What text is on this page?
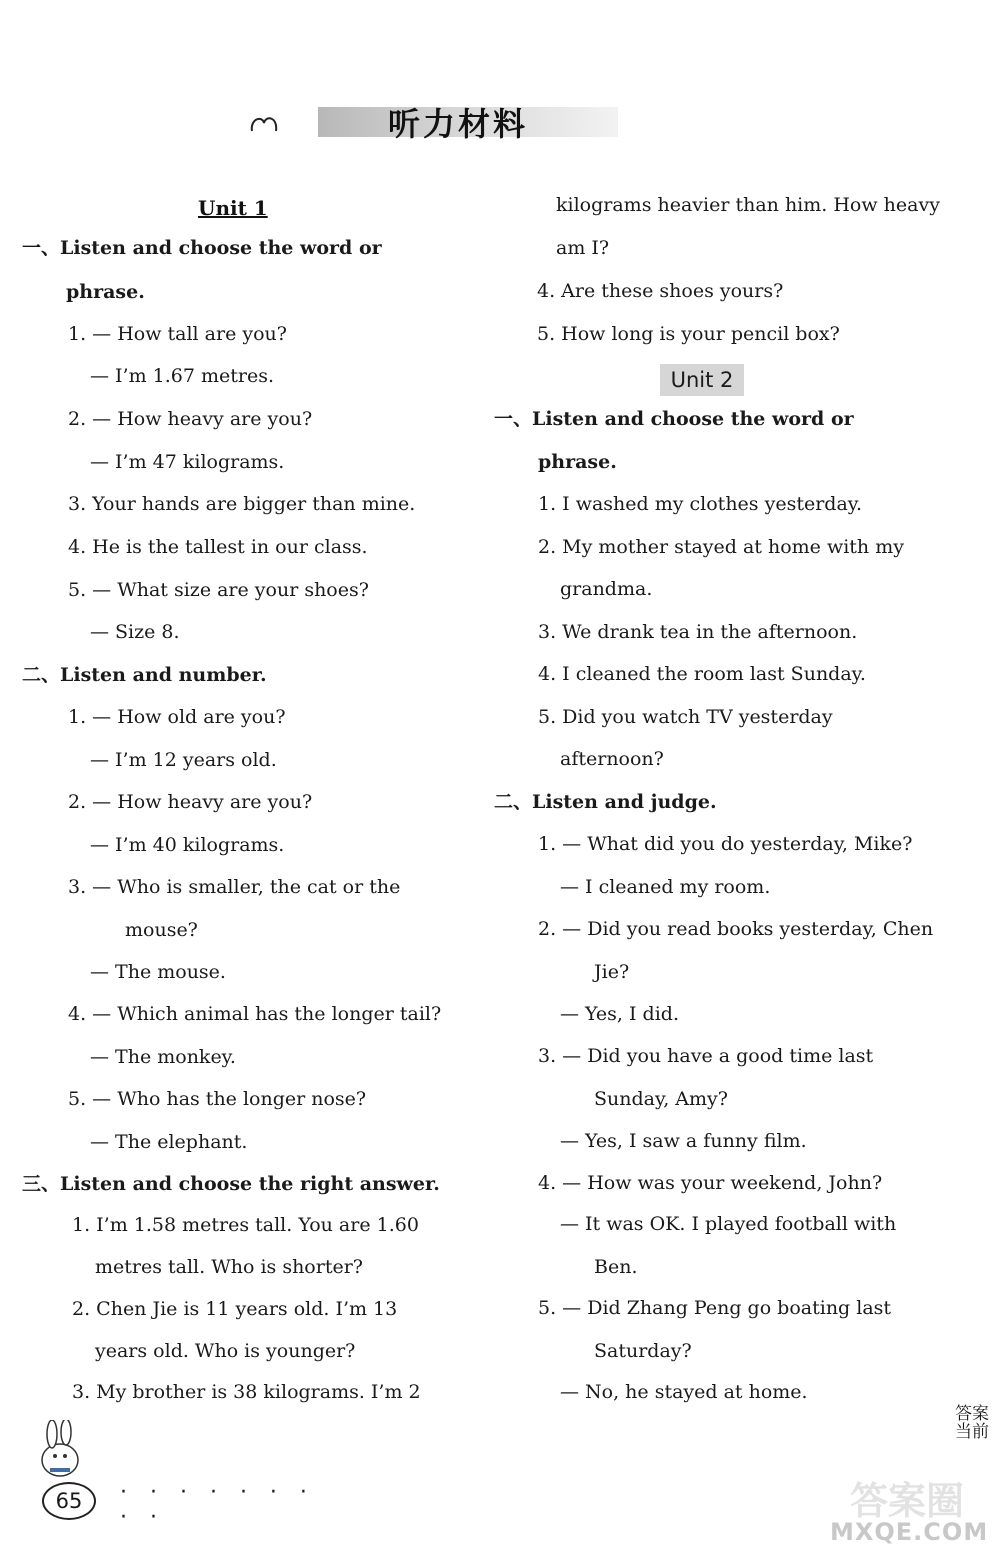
听力材料
Unit 1
Unit 2
一、Listen and choose the word or
phrase.
1. — How tall are you?
— I’m 1.67 metres.
2. — How heavy are you?
— I’m 47 kilograms.
3. Your hands are bigger than mine.
4. He is the tallest in our class.
5. — What size are your shoes?
— Size 8.
二、Listen and number.
1. — How old are you?
— I’m 12 years old.
2. — How heavy are you?
— I’m 40 kilograms.
3. — Who is smaller, the cat or the
mouse?
— The mouse.
4. — Which animal has the longer tail?
— The monkey.
5. — Who has the longer nose?
— The elephant.
三、Listen and choose the right answer.
1. I’m 1.58 metres tall. You are 1.60
metres tall. Who is shorter?
2. Chen Jie is 11 years old. I’m 13
years old. Who is younger?
3. My brother is 38 kilograms. I’m 2
kilograms heavier than him. How heavy
am I?
4. Are these shoes yours?
5. How long is your pencil box?
一、Listen and choose the word or
phrase.
1. I washed my clothes yesterday.
2. My mother stayed at home with my
grandma.
3. We drank tea in the afternoon.
4. I cleaned the room last Sunday.
5. Did you watch TV yesterday
afternoon?
二、Listen and judge.
1. — What did you do yesterday, Mike?
— I cleaned my room.
2. — Did you read books yesterday, Chen
Jie?
— Yes, I did.
3. — Did you have a good time last
Sunday, Amy?
— Yes, I saw a funny film.
4. — How was your weekend, John?
— It was OK. I played football with
Ben.
5. — Did Zhang Peng go boating last
Saturday?
— No, he stayed at home.
65	· · · · · · · · ·
答案当前
答案圈
MXQE.COM
